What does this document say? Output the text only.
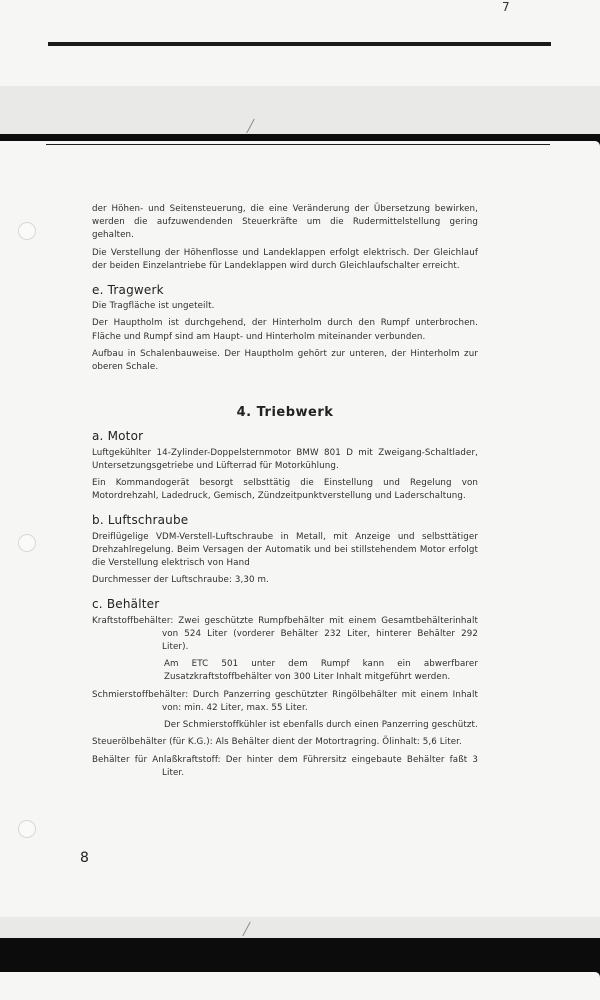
7

der Höhen- und Seitensteuerung, die eine Veränderung der Übersetzung bewirken, werden die aufzuwendenden Steuerkräfte um die Rudermittelstellung gering gehalten.

Die Verstellung der Höhenflosse und Landeklappen erfolgt elektrisch. Der Gleichlauf der beiden Einzelantriebe für Landeklappen wird durch Gleichlaufschalter erreicht.

e. Tragwerk

Die Tragfläche ist ungeteilt.

Der Hauptholm ist durchgehend, der Hinterholm durch den Rumpf unterbrochen. Fläche und Rumpf sind am Haupt- und Hinterholm miteinander verbunden.

Aufbau in Schalenbauweise. Der Hauptholm gehört zur unteren, der Hinterholm zur oberen Schale.

4. Triebwerk
a. Motor

Luftgekühlter 14-Zylinder-Doppelsternmotor BMW 801 D mit Zweigang-Schaltlader, Untersetzungsgetriebe und Lüfterrad für Motorkühlung.

Ein Kommandogerät besorgt selbsttätig die Einstellung und Regelung von Motordrehzahl, Ladedruck, Gemisch, Zündzeitpunktverstellung und Laderschaltung.

b. Luftschraube

Dreiflügelige VDM-Verstell-Luftschraube in Metall, mit Anzeige und selbsttätiger Drehzahlregelung. Beim Versagen der Automatik und bei stillstehendem Motor erfolgt die Verstellung elektrisch von Hand

Durchmesser der Luftschraube: 3,30 m.

c. Behälter

Kraftstoffbehälter: Zwei geschützte Rumpfbehälter mit einem Gesamtbehälterinhalt von 524 Liter (vorderer Behälter 232 Liter, hinterer Behälter 292 Liter).

Am ETC 501 unter dem Rumpf kann ein abwerfbarer Zusatzkraftstoffbehälter von 300 Liter Inhalt mitgeführt werden.

Schmierstoffbehälter: Durch Panzerring geschützter Ringölbehälter mit einem Inhalt von: min. 42 Liter, max. 55 Liter.

Der Schmierstoffkühler ist ebenfalls durch einen Panzerring geschützt.

Steuerölbehälter (für K.G.): Als Behälter dient der Motortragring. Ölinhalt: 5,6 Liter.

Behälter für Anlaßkraftstoff: Der hinter dem Führersitz eingebaute Behälter faßt 3 Liter.

8
